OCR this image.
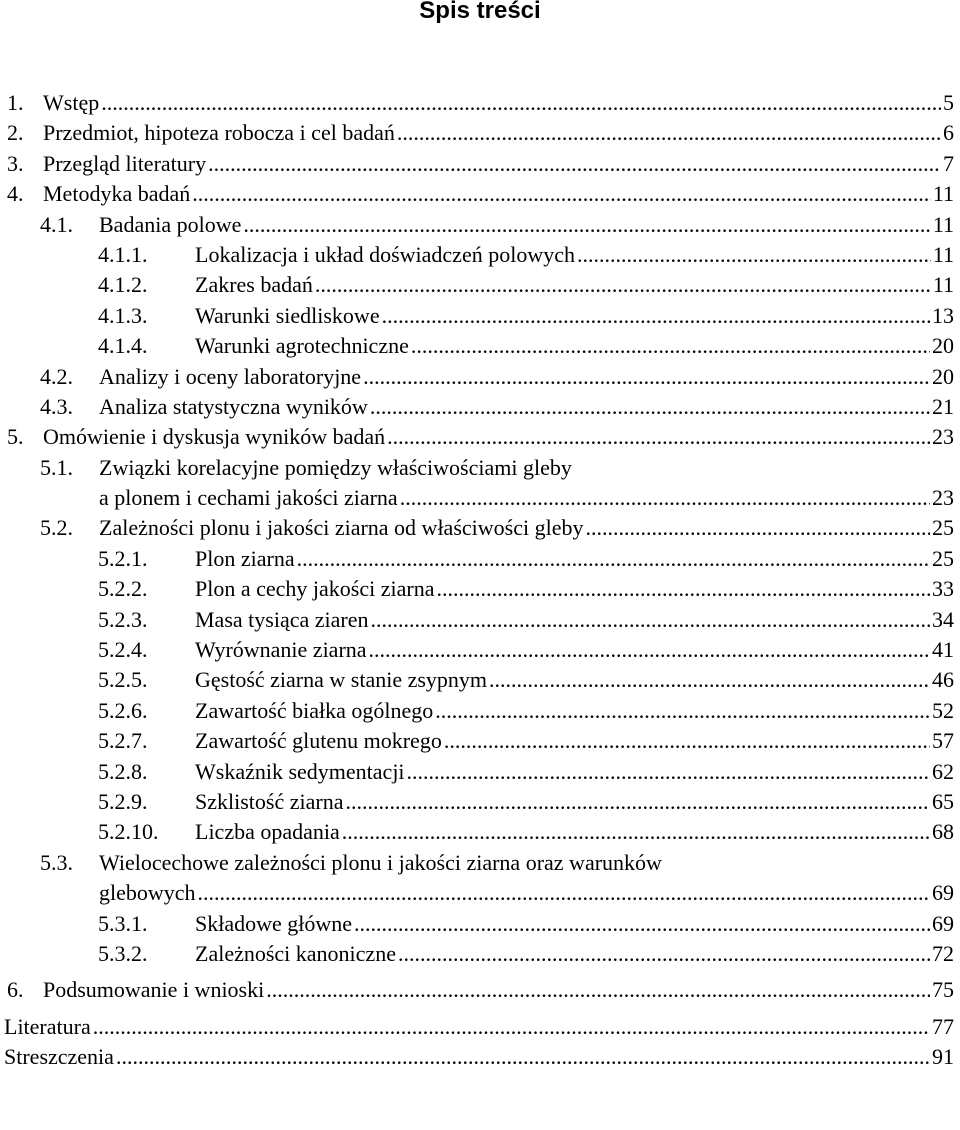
Spis treści
1. Wstęp .....	5
2. Przedmiot, hipoteza robocza i cel badań .....	6
3. Przegląd literatury .....	7
4. Metodyka badań .....	11
4.1. Badania polowe .....	11
4.1.1. Lokalizacja i układ doświadczeń polowych .....	11
4.1.2. Zakres badań .....	11
4.1.3. Warunki siedliskowe .....	13
4.1.4. Warunki agrotechniczne .....	20
4.2. Analizy i oceny laboratoryjne .....	20
4.3. Analiza statystyczna wyników .....	21
5. Omówienie i dyskusja wyników badań .....	23
5.1. Związki korelacyjne pomiędzy właściwościami gleby
a plonem i cechami jakości ziarna .....	23
5.2. Zależności plonu i jakości ziarna od właściwości gleby .....	25
5.2.1. Plon ziarna .....	25
5.2.2. Plon a cechy jakości ziarna .....	33
5.2.3. Masa tysiąca ziaren .....	34
5.2.4. Wyrównanie ziarna .....	41
5.2.5. Gęstość ziarna w stanie zsypnym .....	46
5.2.6. Zawartość białka ogólnego .....	52
5.2.7. Zawartość glutenu mokrego .....	57
5.2.8. Wskaźnik sedymentacji .....	62
5.2.9. Szklistość ziarna .....	65
5.2.10. Liczba opadania .....	68
5.3. Wielocechowe zależności plonu i jakości ziarna oraz warunków
glebowych .....	69
5.3.1. Składowe główne .....	69
5.3.2. Zależności kanoniczne .....	72
6. Podsumowanie i wnioski .....	75
Literatura .....	77
Streszczenia .....	91
